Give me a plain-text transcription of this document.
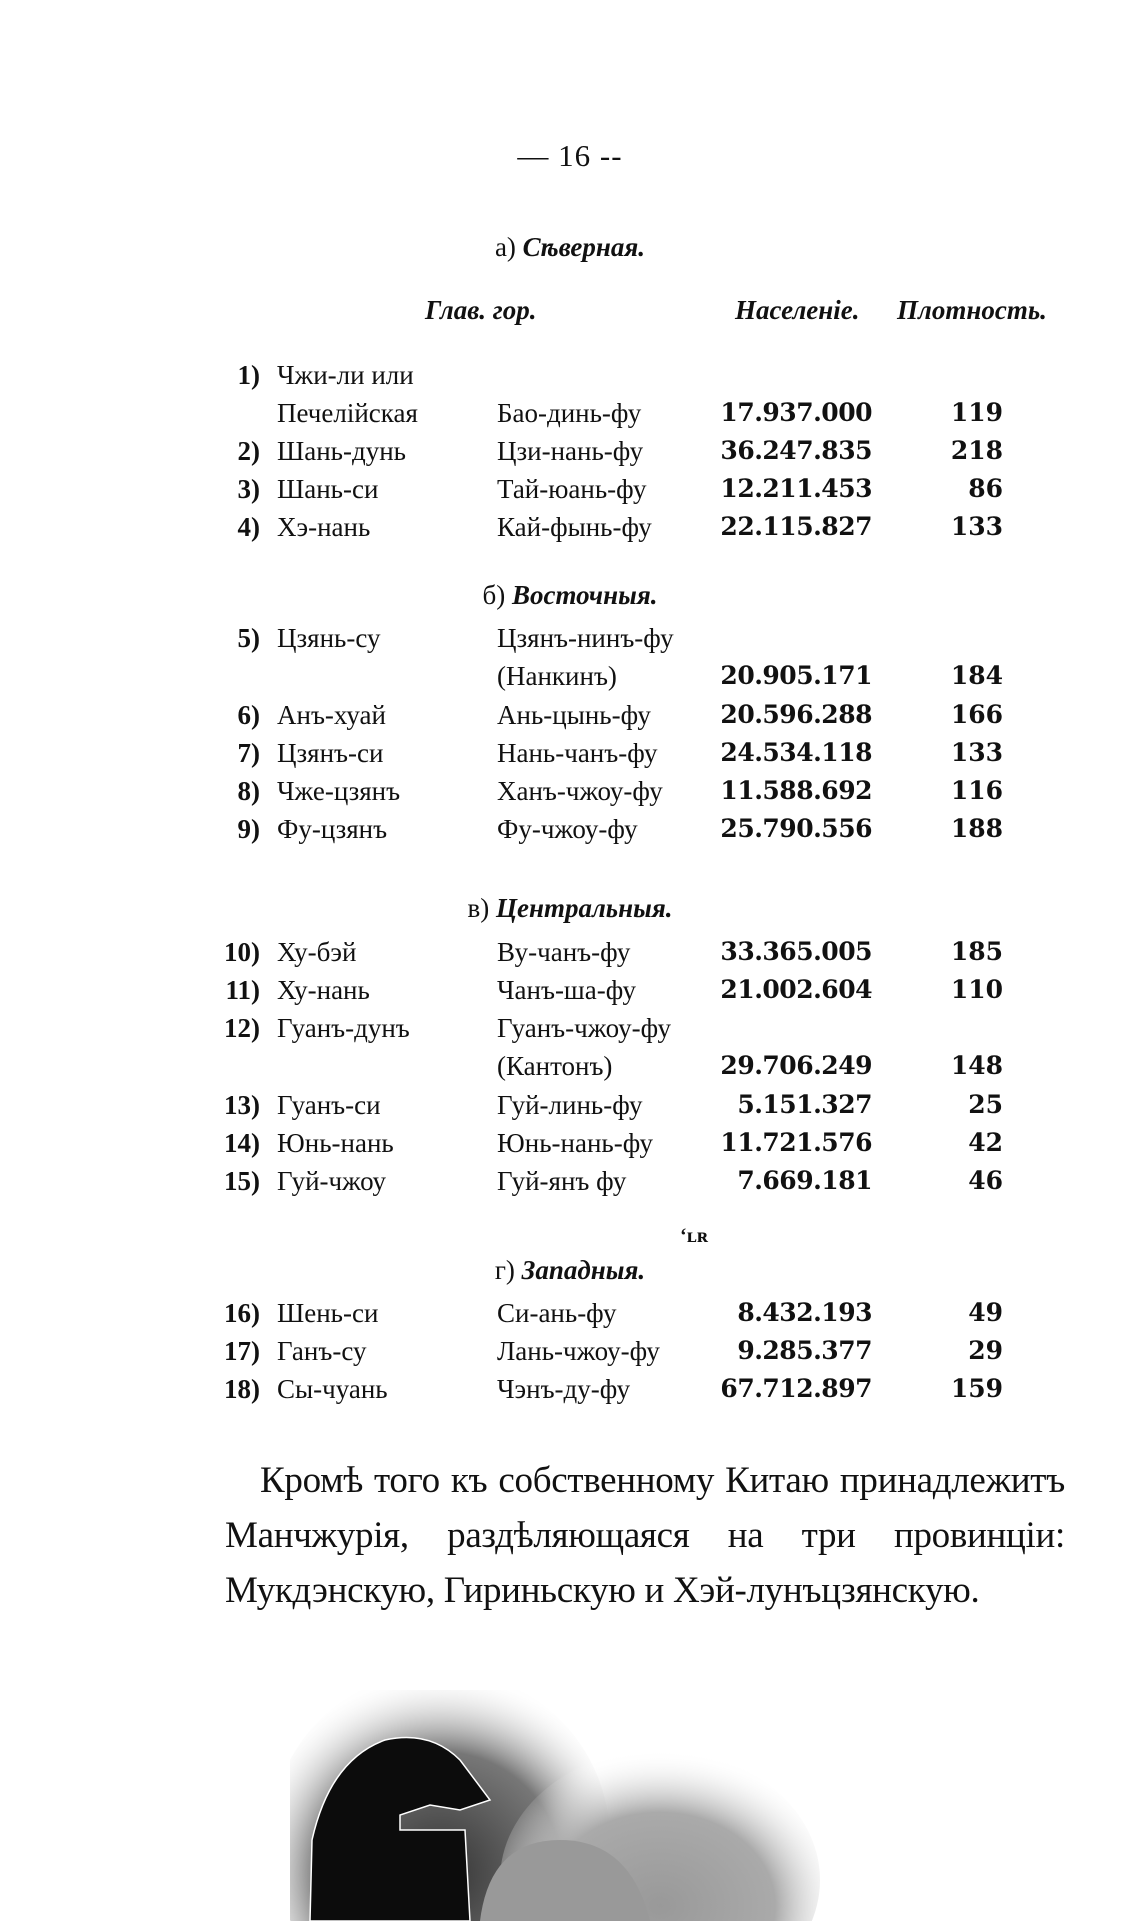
— 16 --
а) Сѣверная.
Глав. гор.	Населеніе. Плотность.
1) Чжи-ли или
Печелійская	Бао-динь-фу	17.937.000	119
2) Шань-дунь	Цзи-нань-фу	36.247.835	218
3) Шань-си	Тай-юань-фу	12.211.453	86
4) Хэ-нань	Кай-фынь-фу	22.115.827	133
5) Цзянь-су	Цзянъ-нинъ-фу
(Нанкинъ)	20.905.171	184
6) Анъ-хуай	Ань-цынь-фу	20.596.288	166
7) Цзянъ-си	Нань-чанъ-фу	24.534.118	133
8) Чже-цзянъ	Ханъ-чжоу-фу 11.588.692	116
9) Фу-цзянъ	Фу-чжоу-фу	25.790.556	188
10) Ху-бэй	Ву-чанъ-фу	33.365.005	185
11) Ху-нань	Чанъ-ша-фу	21.002.604	110
12) Гуанъ-дунъ	Гуанъ-чжоу-фу
(Кантонъ)	29.706.249	148
13) Гуанъ-си	Гуй-линь-фу	5.151.327	25
14) Юнь-нань	Юнь-нань-фу	11.721.576	42
15) Гуй-чжоу	Гуй-янъ фу	7.669.181	46
16) Шень-си	Си-ань-фу	8.432.193	49
17) Ганъ-су	Лань-чжоу-фу	9.285.377	29
18) Сы-чуань	Чэнъ-ду-фу	67.712.897	159
б) Восточныя.
в) Центральныя.
ʻʟʀ
г) Западныя.
Кромѣ того къ собственному Китаю принадлежитъ Манчжурія, раздѣляющаяся на три провинціи: Мукдэнскую, Гириньскую и Хэй-лунъцзянскую.
